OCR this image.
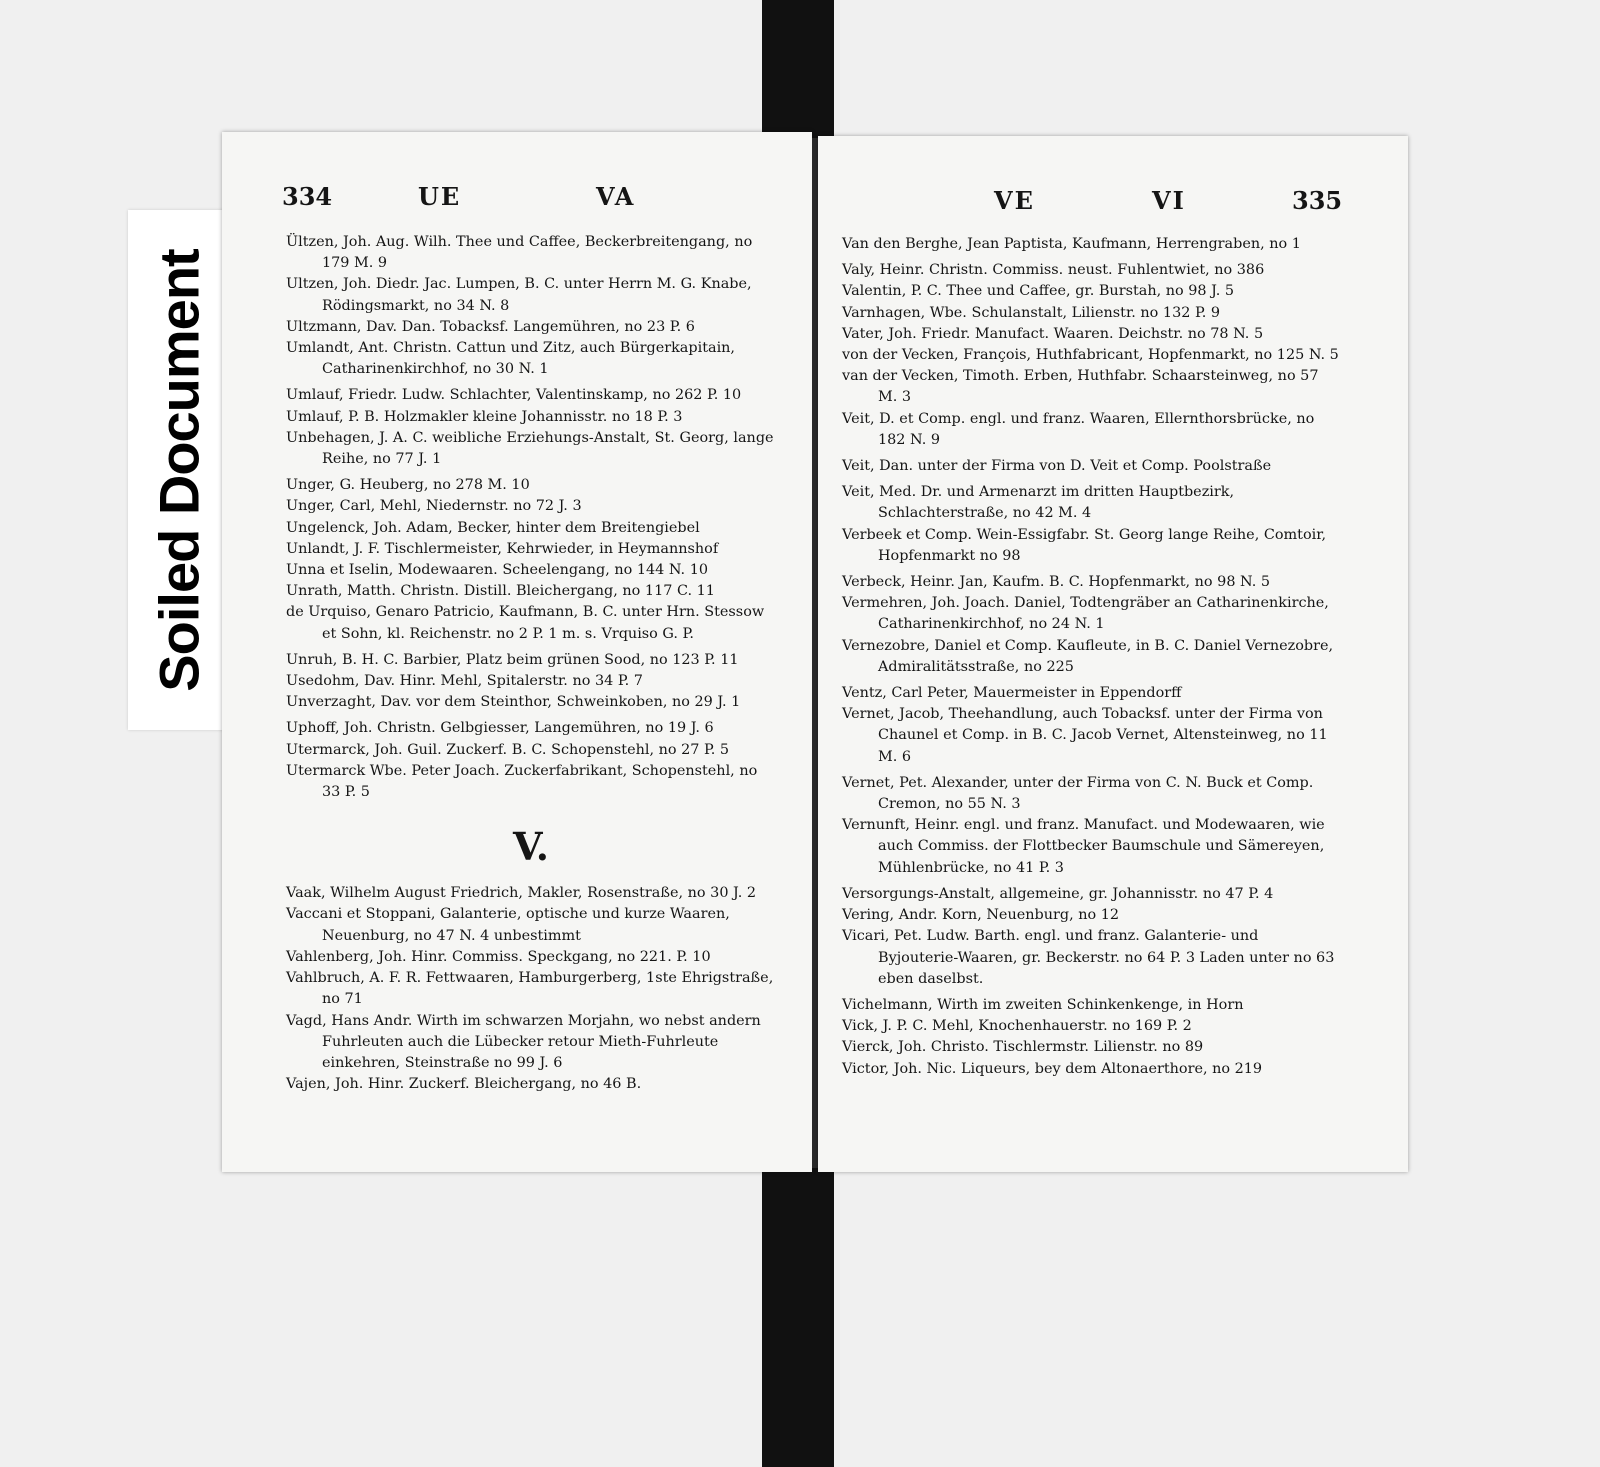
Soiled Document
334	UE	VA

Ültzen, Joh. Aug. Wilh. Thee und Caffee, Beckerbreitengang, no 179 M. 9

Ultzen, Joh. Diedr. Jac. Lumpen, B. C. unter Herrn M. G. Knabe, Rödingsmarkt, no 34 N. 8

Ultzmann, Dav. Dan. Tobacksf. Langemühren, no 23 P. 6

Umlandt, Ant. Christn. Cattun und Zitz, auch Bürgerkapitain, Catharinenkirchhof, no 30 N. 1

Umlauf, Friedr. Ludw. Schlachter, Valentinskamp, no 262 P. 10

Umlauf, P. B. Holzmakler kleine Johannisstr. no 18 P. 3

Unbehagen, J. A. C. weibliche Erziehungs-Anstalt, St. Georg, lange Reihe, no 77 J. 1

Unger, G. Heuberg, no 278 M. 10

Unger, Carl, Mehl, Niedernstr. no 72 J. 3

Ungelenck, Joh. Adam, Becker, hinter dem Breitengiebel

Unlandt, J. F. Tischlermeister, Kehrwieder, in Heymannshof

Unna et Iselin, Modewaaren. Scheelengang, no 144 N. 10

Unrath, Matth. Christn. Distill. Bleichergang, no 117 C. 11

de Urquiso, Genaro Patricio, Kaufmann, B. C. unter Hrn. Stessow et Sohn, kl. Reichenstr. no 2 P. 1 m. s. Vrquiso G. P.

Unruh, B. H. C. Barbier, Platz beim grünen Sood, no 123 P. 11

Usedohm, Dav. Hinr. Mehl, Spitalerstr. no 34 P. 7

Unverzaght, Dav. vor dem Steinthor, Schweinkoben, no 29 J. 1

Uphoff, Joh. Christn. Gelbgiesser, Langemühren, no 19 J. 6

Utermarck, Joh. Guil. Zuckerf. B. C. Schopenstehl, no 27 P. 5

Utermarck Wbe. Peter Joach. Zuckerfabrikant, Schopenstehl, no 33 P. 5

V.

Vaak, Wilhelm August Friedrich, Makler, Rosenstraße, no 30 J. 2

Vaccani et Stoppani, Galanterie, optische und kurze Waaren, Neuenburg, no 47 N. 4 unbestimmt

Vahlenberg, Joh. Hinr. Commiss. Speckgang, no 221. P. 10

Vahlbruch, A. F. R. Fettwaaren, Hamburgerberg, 1ste Ehrigstraße, no 71

Vagd, Hans Andr. Wirth im schwarzen Morjahn, wo nebst andern Fuhrleuten auch die Lübecker retour Mieth-Fuhrleute einkehren, Steinstraße no 99 J. 6

Vajen, Joh. Hinr. Zuckerf. Bleichergang, no 46 B.

VE	VI	335

Van den Berghe, Jean Paptista, Kaufmann, Herrengraben, no 1

Valy, Heinr. Christn. Commiss. neust. Fuhlentwiet, no 386

Valentin, P. C. Thee und Caffee, gr. Burstah, no 98 J. 5

Varnhagen, Wbe. Schulanstalt, Lilienstr. no 132 P. 9

Vater, Joh. Friedr. Manufact. Waaren. Deichstr. no 78 N. 5

von der Vecken, François, Huthfabricant, Hopfenmarkt, no 125 N. 5

van der Vecken, Timoth. Erben, Huthfabr. Schaarsteinweg, no 57 M. 3

Veit, D. et Comp. engl. und franz. Waaren, Ellernthorsbrücke, no 182 N. 9

Veit, Dan. unter der Firma von D. Veit et Comp. Poolstraße

Veit, Med. Dr. und Armenarzt im dritten Hauptbezirk, Schlachterstraße, no 42 M. 4

Verbeek et Comp. Wein-Essigfabr. St. Georg lange Reihe, Comtoir, Hopfenmarkt no 98

Verbeck, Heinr. Jan, Kaufm. B. C. Hopfenmarkt, no 98 N. 5

Vermehren, Joh. Joach. Daniel, Todtengräber an Catharinenkirche, Catharinenkirchhof, no 24 N. 1

Vernezobre, Daniel et Comp. Kaufleute, in B. C. Daniel Vernezobre, Admiralitätsstraße, no 225

Ventz, Carl Peter, Mauermeister in Eppendorff

Vernet, Jacob, Theehandlung, auch Tobacksf. unter der Firma von Chaunel et Comp. in B. C. Jacob Vernet, Altensteinweg, no 11 M. 6

Vernet, Pet. Alexander, unter der Firma von C. N. Buck et Comp. Cremon, no 55 N. 3

Vernunft, Heinr. engl. und franz. Manufact. und Modewaaren, wie auch Commiss. der Flottbecker Baumschule und Sämereyen, Mühlenbrücke, no 41 P. 3

Versorgungs-Anstalt, allgemeine, gr. Johannisstr. no 47 P. 4

Vering, Andr. Korn, Neuenburg, no 12

Vicari, Pet. Ludw. Barth. engl. und franz. Galanterie- und Byjouterie-Waaren, gr. Beckerstr. no 64 P. 3 Laden unter no 63 eben daselbst.

Vichelmann, Wirth im zweiten Schinkenkenge, in Horn

Vick, J. P. C. Mehl, Knochenhauerstr. no 169 P. 2

Vierck, Joh. Christo. Tischlermstr. Lilienstr. no 89

Victor, Joh. Nic. Liqueurs, bey dem Altonaerthore, no 219
